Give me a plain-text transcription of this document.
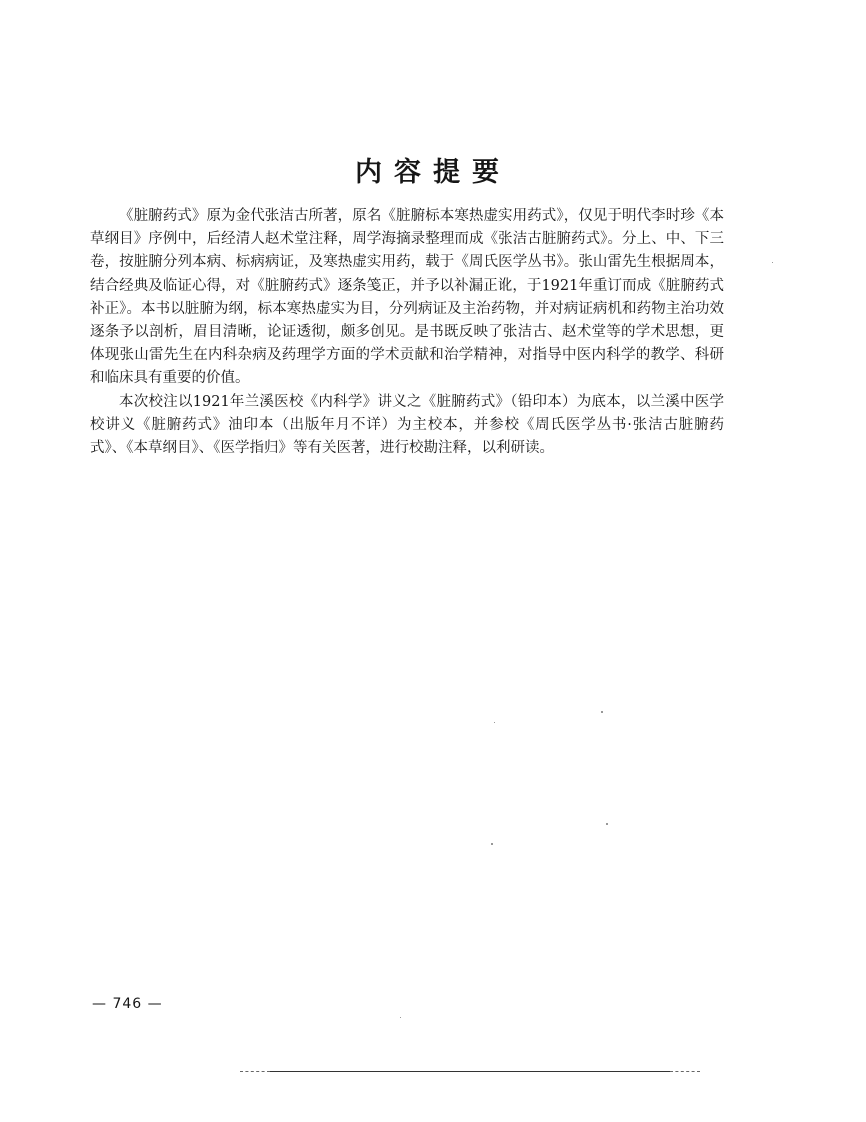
内容提要

《脏腑药式》原为金代张洁古所著，原名《脏腑标本寒热虚实用药式》，仅见于明代李时珍《本草纲目》序例中，后经清人赵术堂注释，周学海摘录整理而成《张洁古脏腑药式》。分上、中、下三卷，按脏腑分列本病、标病病证，及寒热虚实用药，载于《周氏医学丛书》。张山雷先生根据周本，结合经典及临证心得，对《脏腑药式》逐条笺正，并予以补漏正讹，于1921年重订而成《脏腑药式补正》。本书以脏腑为纲，标本寒热虚实为目，分列病证及主治药物，并对病证病机和药物主治功效逐条予以剖析，眉目清晰，论证透彻，颇多创见。是书既反映了张洁古、赵术堂等的学术思想，更体现张山雷先生在内科杂病及药理学方面的学术贡献和治学精神，对指导中医内科学的教学、科研和临床具有重要的价值。

本次校注以1921年兰溪医校《内科学》讲义之《脏腑药式》（铅印本）为底本，以兰溪中医学校讲义《脏腑药式》油印本（出版年月不详）为主校本，并参校《周氏医学丛书·张洁古脏腑药式》、《本草纲目》、《医学指归》等有关医著，进行校勘注释，以利研读。

— 746 —
